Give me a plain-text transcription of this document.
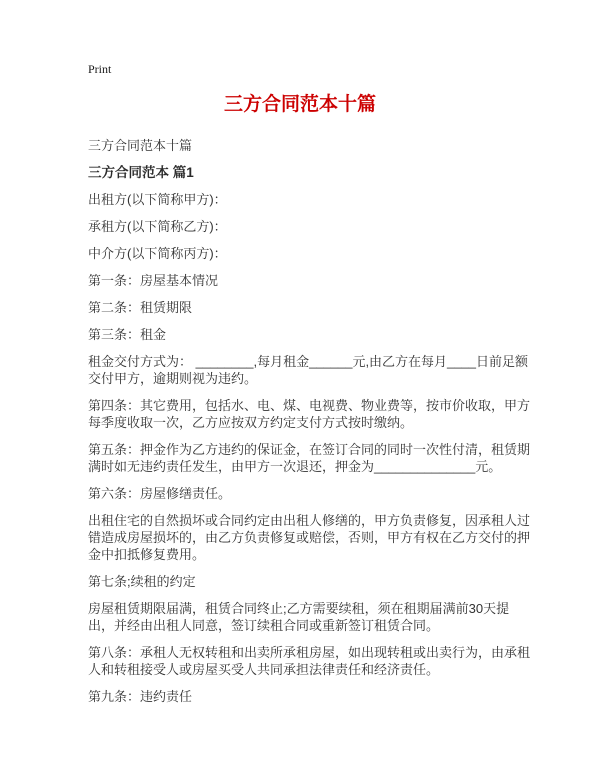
Print
三方合同范本十篇

三方合同范本十篇

三方合同范本 篇1

出租方(以下简称甲方)：

承租方(以下简称乙方)：

中介方(以下简称丙方)：

第一条：房屋基本情况

第二条：租赁期限

第三条：租金

租金交付方式为： ________,每月租金______元,由乙方在每月____日前足额交付甲方，逾期则视为违约。

第四条：其它费用，包括水、电、煤、电视费、物业费等，按市价收取，甲方每季度收取一次，乙方应按双方约定支付方式按时缴纳。

第五条：押金作为乙方违约的保证金，在签订合同的同时一次性付清，租赁期满时如无违约责任发生，由甲方一次退还，押金为______________元。

第六条：房屋修缮责任。

出租住宅的自然损坏或合同约定由出租人修缮的，甲方负责修复，因承租人过错造成房屋损坏的，由乙方负责修复或赔偿，否则，甲方有权在乙方交付的押金中扣抵修复费用。

第七条;续租的约定

房屋租赁期限届满，租赁合同终止;乙方需要续租，须在租期届满前30天提出，并经由出租人同意，签订续租合同或重新签订租赁合同。

第八条：承租人无权转租和出卖所承租房屋，如出现转租或出卖行为，由承租人和转租接受人或房屋买受人共同承担法律责任和经济责任。

第九条：违约责任
